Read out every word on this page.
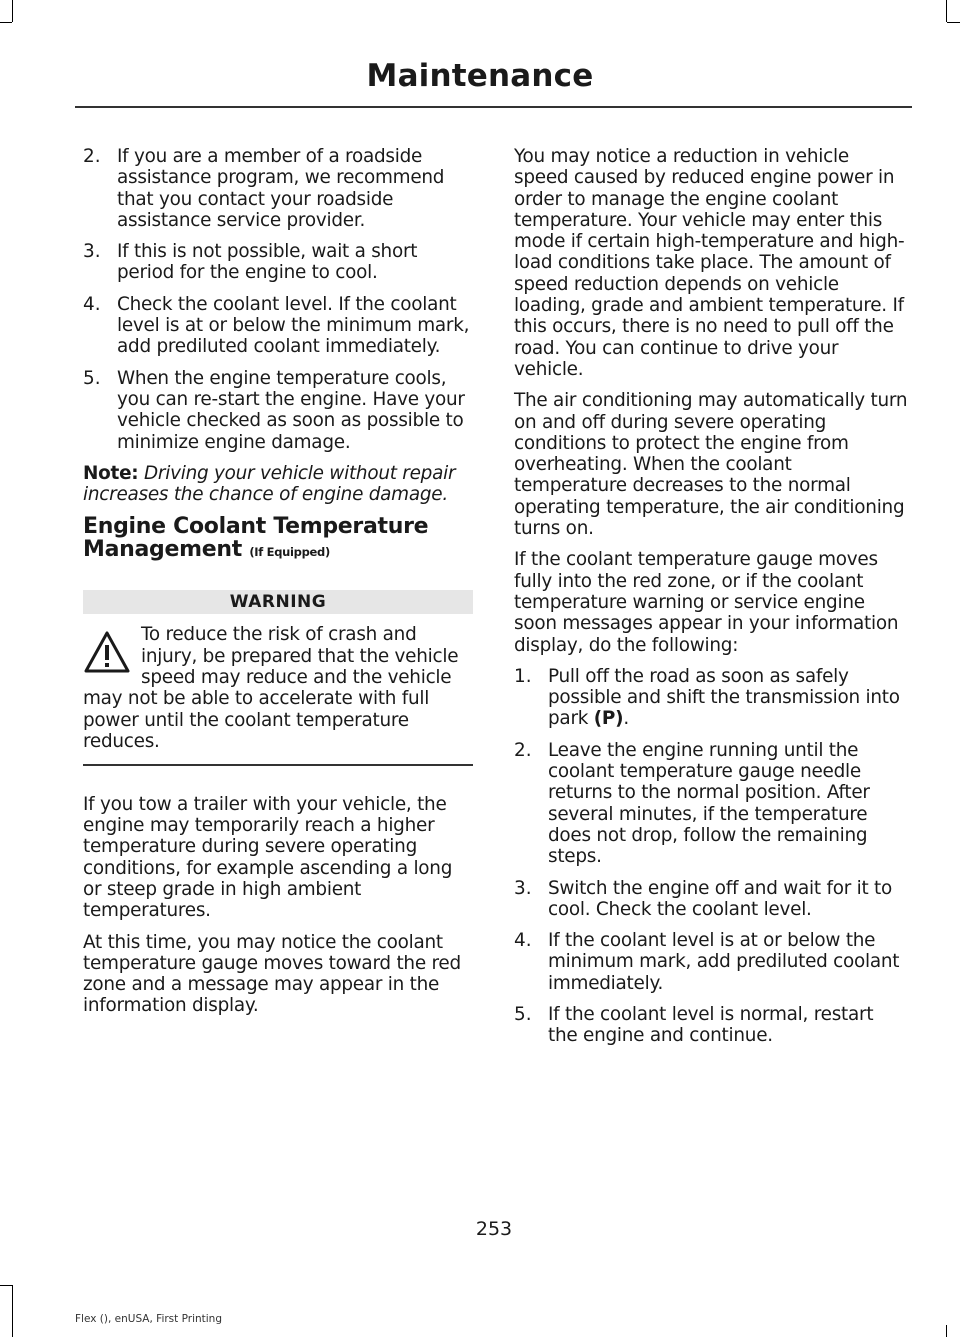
Maintenance
2. If you are a member of a roadside assistance program, we recommend that you contact your roadside assistance service provider.
3. If this is not possible, wait a short period for the engine to cool.
4. Check the coolant level. If the coolant level is at or below the minimum mark, add prediluted coolant immediately.
5. When the engine temperature cools, you can re-start the engine. Have your vehicle checked as soon as possible to minimize engine damage.

Note: Driving your vehicle without repair increases the chance of engine damage.

Engine Coolant Temperature
Management (If Equipped)
WARNING
To reduce the risk of crash and injury, be prepared that the vehicle speed may reduce and the vehicle may not be able to accelerate with full power until the coolant temperature reduces.

If you tow a trailer with your vehicle, the engine may temporarily reach a higher temperature during severe operating conditions, for example ascending a long or steep grade in high ambient temperatures.

At this time, you may notice the coolant temperature gauge moves toward the red zone and a message may appear in the information display.

You may notice a reduction in vehicle speed caused by reduced engine power in order to manage the engine coolant temperature. Your vehicle may enter this mode if certain high-temperature and high-load conditions take place. The amount of speed reduction depends on vehicle loading, grade and ambient temperature. If this occurs, there is no need to pull off the road. You can continue to drive your vehicle.

The air conditioning may automatically turn on and off during severe operating conditions to protect the engine from overheating. When the coolant temperature decreases to the normal operating temperature, the air conditioning turns on.

If the coolant temperature gauge moves fully into the red zone, or if the coolant temperature warning or service engine soon messages appear in your information display, do the following:

1. Pull off the road as soon as safely possible and shift the transmission into park (P).
2. Leave the engine running until the coolant temperature gauge needle returns to the normal position. After several minutes, if the temperature does not drop, follow the remaining steps.
3. Switch the engine off and wait for it to cool. Check the coolant level.
4. If the coolant level is at or below the minimum mark, add prediluted coolant immediately.
5. If the coolant level is normal, restart the engine and continue.
253
Flex (), enUSA, First Printing
